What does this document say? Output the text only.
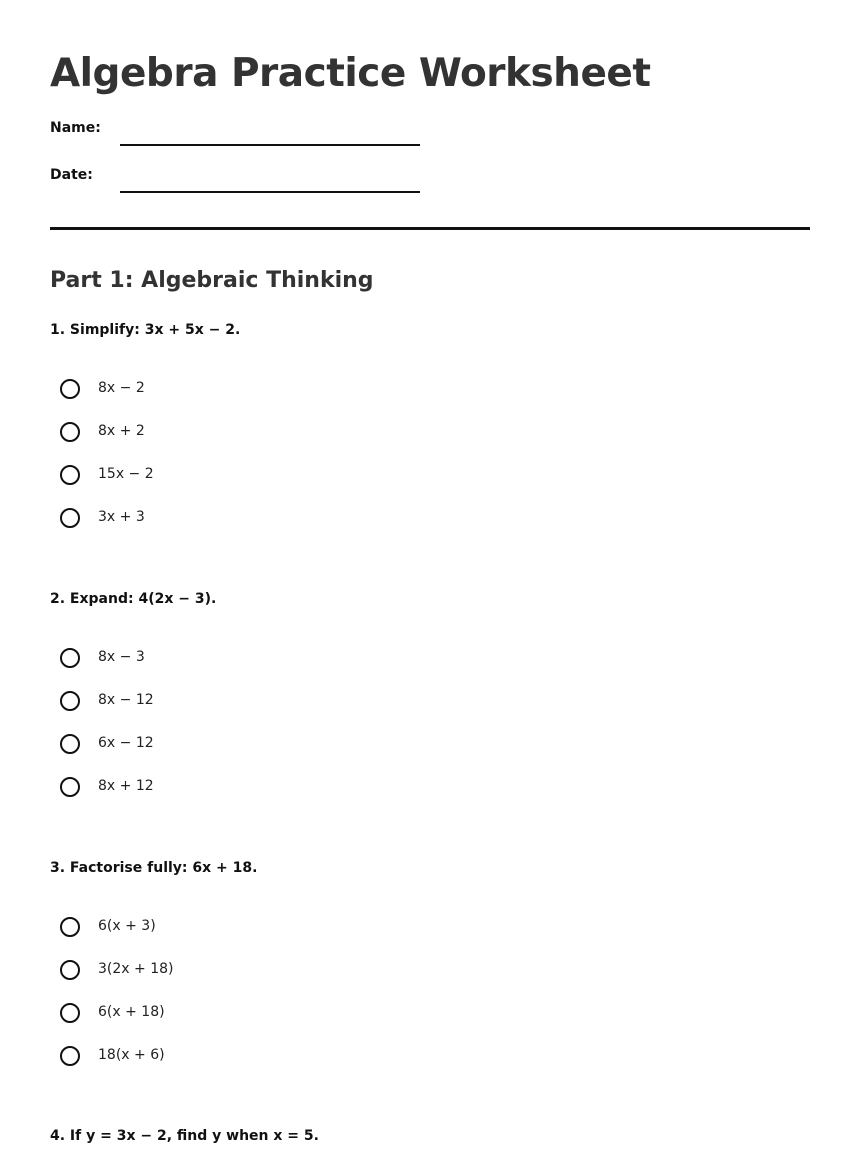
Algebra Practice Worksheet
Name:
Date:
Part 1: Algebraic Thinking

1. Simplify: 3x + 5x − 2.

8x − 2
8x + 2
15x − 2
3x + 3

2. Expand: 4(2x − 3).

8x − 3
8x − 12
6x − 12
8x + 12

3. Factorise fully: 6x + 18.

6(x + 3)
3(2x + 18)
6(x + 18)
18(x + 6)

4. If y = 3x − 2, find y when x = 5.
